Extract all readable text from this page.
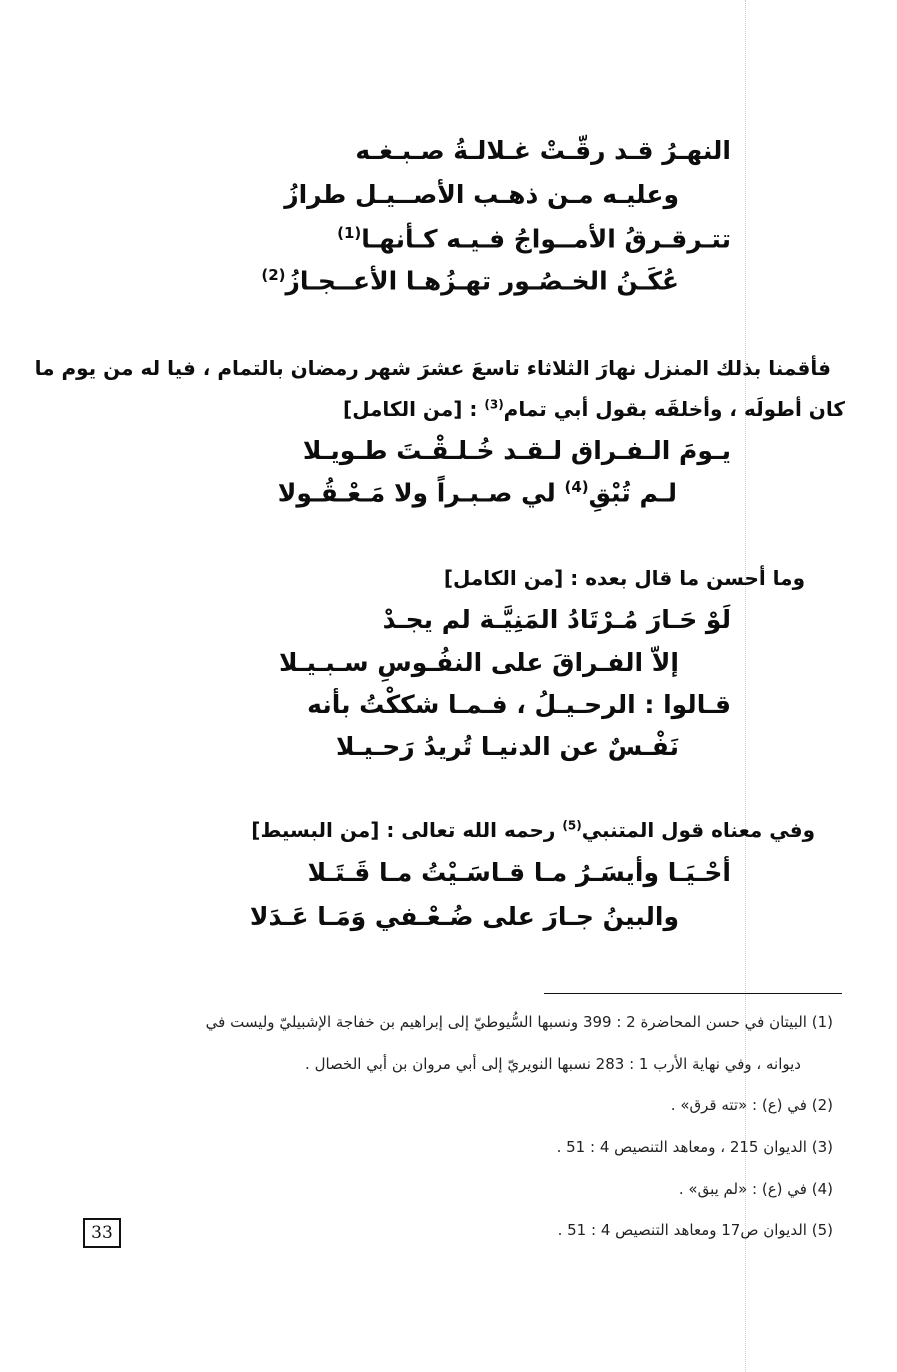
النهـرُ قـد رقّـتْ غـلالـةُ صـبـغـه
وعليـه مـن ذهـب الأصــيـل طرازُ
تتـرقـرقُ الأمــواجُ فـيـه كـأنهـا$^{(1)}$
عُكَـنُ الخـصُـور تهـزُهـا الأعــجـازُ$^{(2)}$
فأقمنا بذلك المنزل نهارَ الثلاثاء تاسعَ عشرَ شهر رمضان بالتمام ، فيا له من يوم ما
كان أطولَه ، وأخلقَه بقول أبي تمام$^{(3)}$ : [من الكامل]
يـومَ الـفـراق لـقـد خُـلـقْـتَ طـويـلا
لـم تُبْقِ$^{(4)}$ لي صـبـراً ولا مَـعْـقُـولا
وما أحسن ما قال بعده : [من الكامل]
لَوْ حَـارَ مُـرْتَادُ المَنِيَّـة لم يجـدْ
إلاّ الفـراقَ على النفُـوسِ سـبـيـلا
قـالوا : الرحـيـلُ ، فـمـا شككْتُ بأنه
نَفْـسٌ عن الدنيـا تُريدُ رَحـيـلا
وفي معناه قول المتنبي$^{(5)}$ رحمه الله تعالى : [من البسيط]
أحْـيَـا وأيسَـرُ مـا قـاسَـيْتُ مـا قَـتَـلا
والبينُ جـارَ على ضُـعْـفي وَمَـا عَـدَلا
(1) البيتان في حسن المحاضرة 2 : 399 ونسبها السُّيوطيّ إلى إبراهيم بن خفاجة الإشبيليّ وليست في
ديوانه ، وفي نهاية الأرب 1 : 283 نسبها النويريّ إلى أبي مروان بن أبي الخصال .
(2) في (ع) : «تته قرق» .
(3) الديوان 215 ، ومعاهد التنصيص 4 : 51 .
(4) في (ع) : «لم يبق» .
(5) الديوان ص17 ومعاهد التنصيص 4 : 51 .
33
